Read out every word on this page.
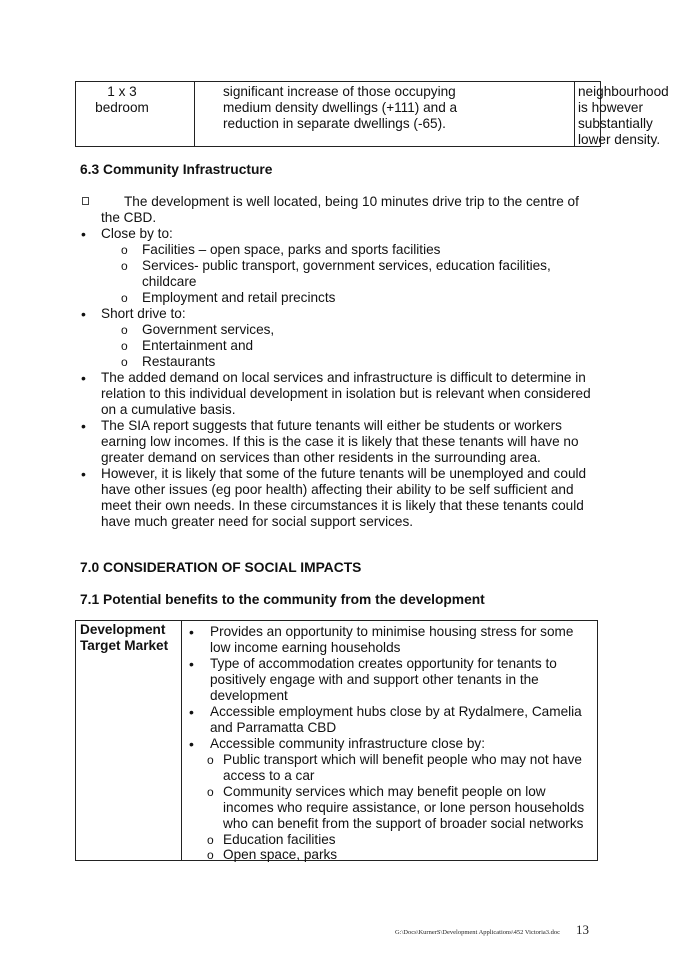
1 x 3
bedroom
significant increase of those occupying
medium density dwellings (+111) and a
reduction in separate dwellings (-65).
neighbourhood
is however
substantially
lower density.
6.3 Community Infrastructure
The development is well located, being 10 minutes drive trip to the centre of
the CBD.
• Close by to:
o Facilities – open space, parks and sports facilities
o Services- public transport, government services, education facilities,
childcare
o Employment and retail precincts
• Short drive to:
o Government services,
o Entertainment and
o Restaurants
• The added demand on local services and infrastructure is difficult to determine in
relation to this individual development in isolation but is relevant when considered
on a cumulative basis.
• The SIA report suggests that future tenants will either be students or workers
earning low incomes. If this is the case it is likely that these tenants will have no
greater demand on services than other residents in the surrounding area.
• However, it is likely that some of the future tenants will be unemployed and could
have other issues (eg poor health) affecting their ability to be self sufficient and
meet their own needs. In these circumstances it is likely that these tenants could
have much greater need for social support services.
7.0 CONSIDERATION OF SOCIAL IMPACTS
7.1 Potential benefits to the community from the development
Development
Target Market
• Provides an opportunity to minimise housing stress for some
low income earning households
• Type of accommodation creates opportunity for tenants to
positively engage with and support other tenants in the
development
• Accessible employment hubs close by at Rydalmere, Camelia
and Parramatta CBD
• Accessible community infrastructure close by:
o Public transport which will benefit people who may not have
access to a car
o Community services which may benefit people on low
incomes who require assistance, or lone person households
who can benefit from the support of broader social networks
o Education facilities
o Open space, parks
G:\Docs\KurnerS\Development Applications\452 Victoria3.doc 13
